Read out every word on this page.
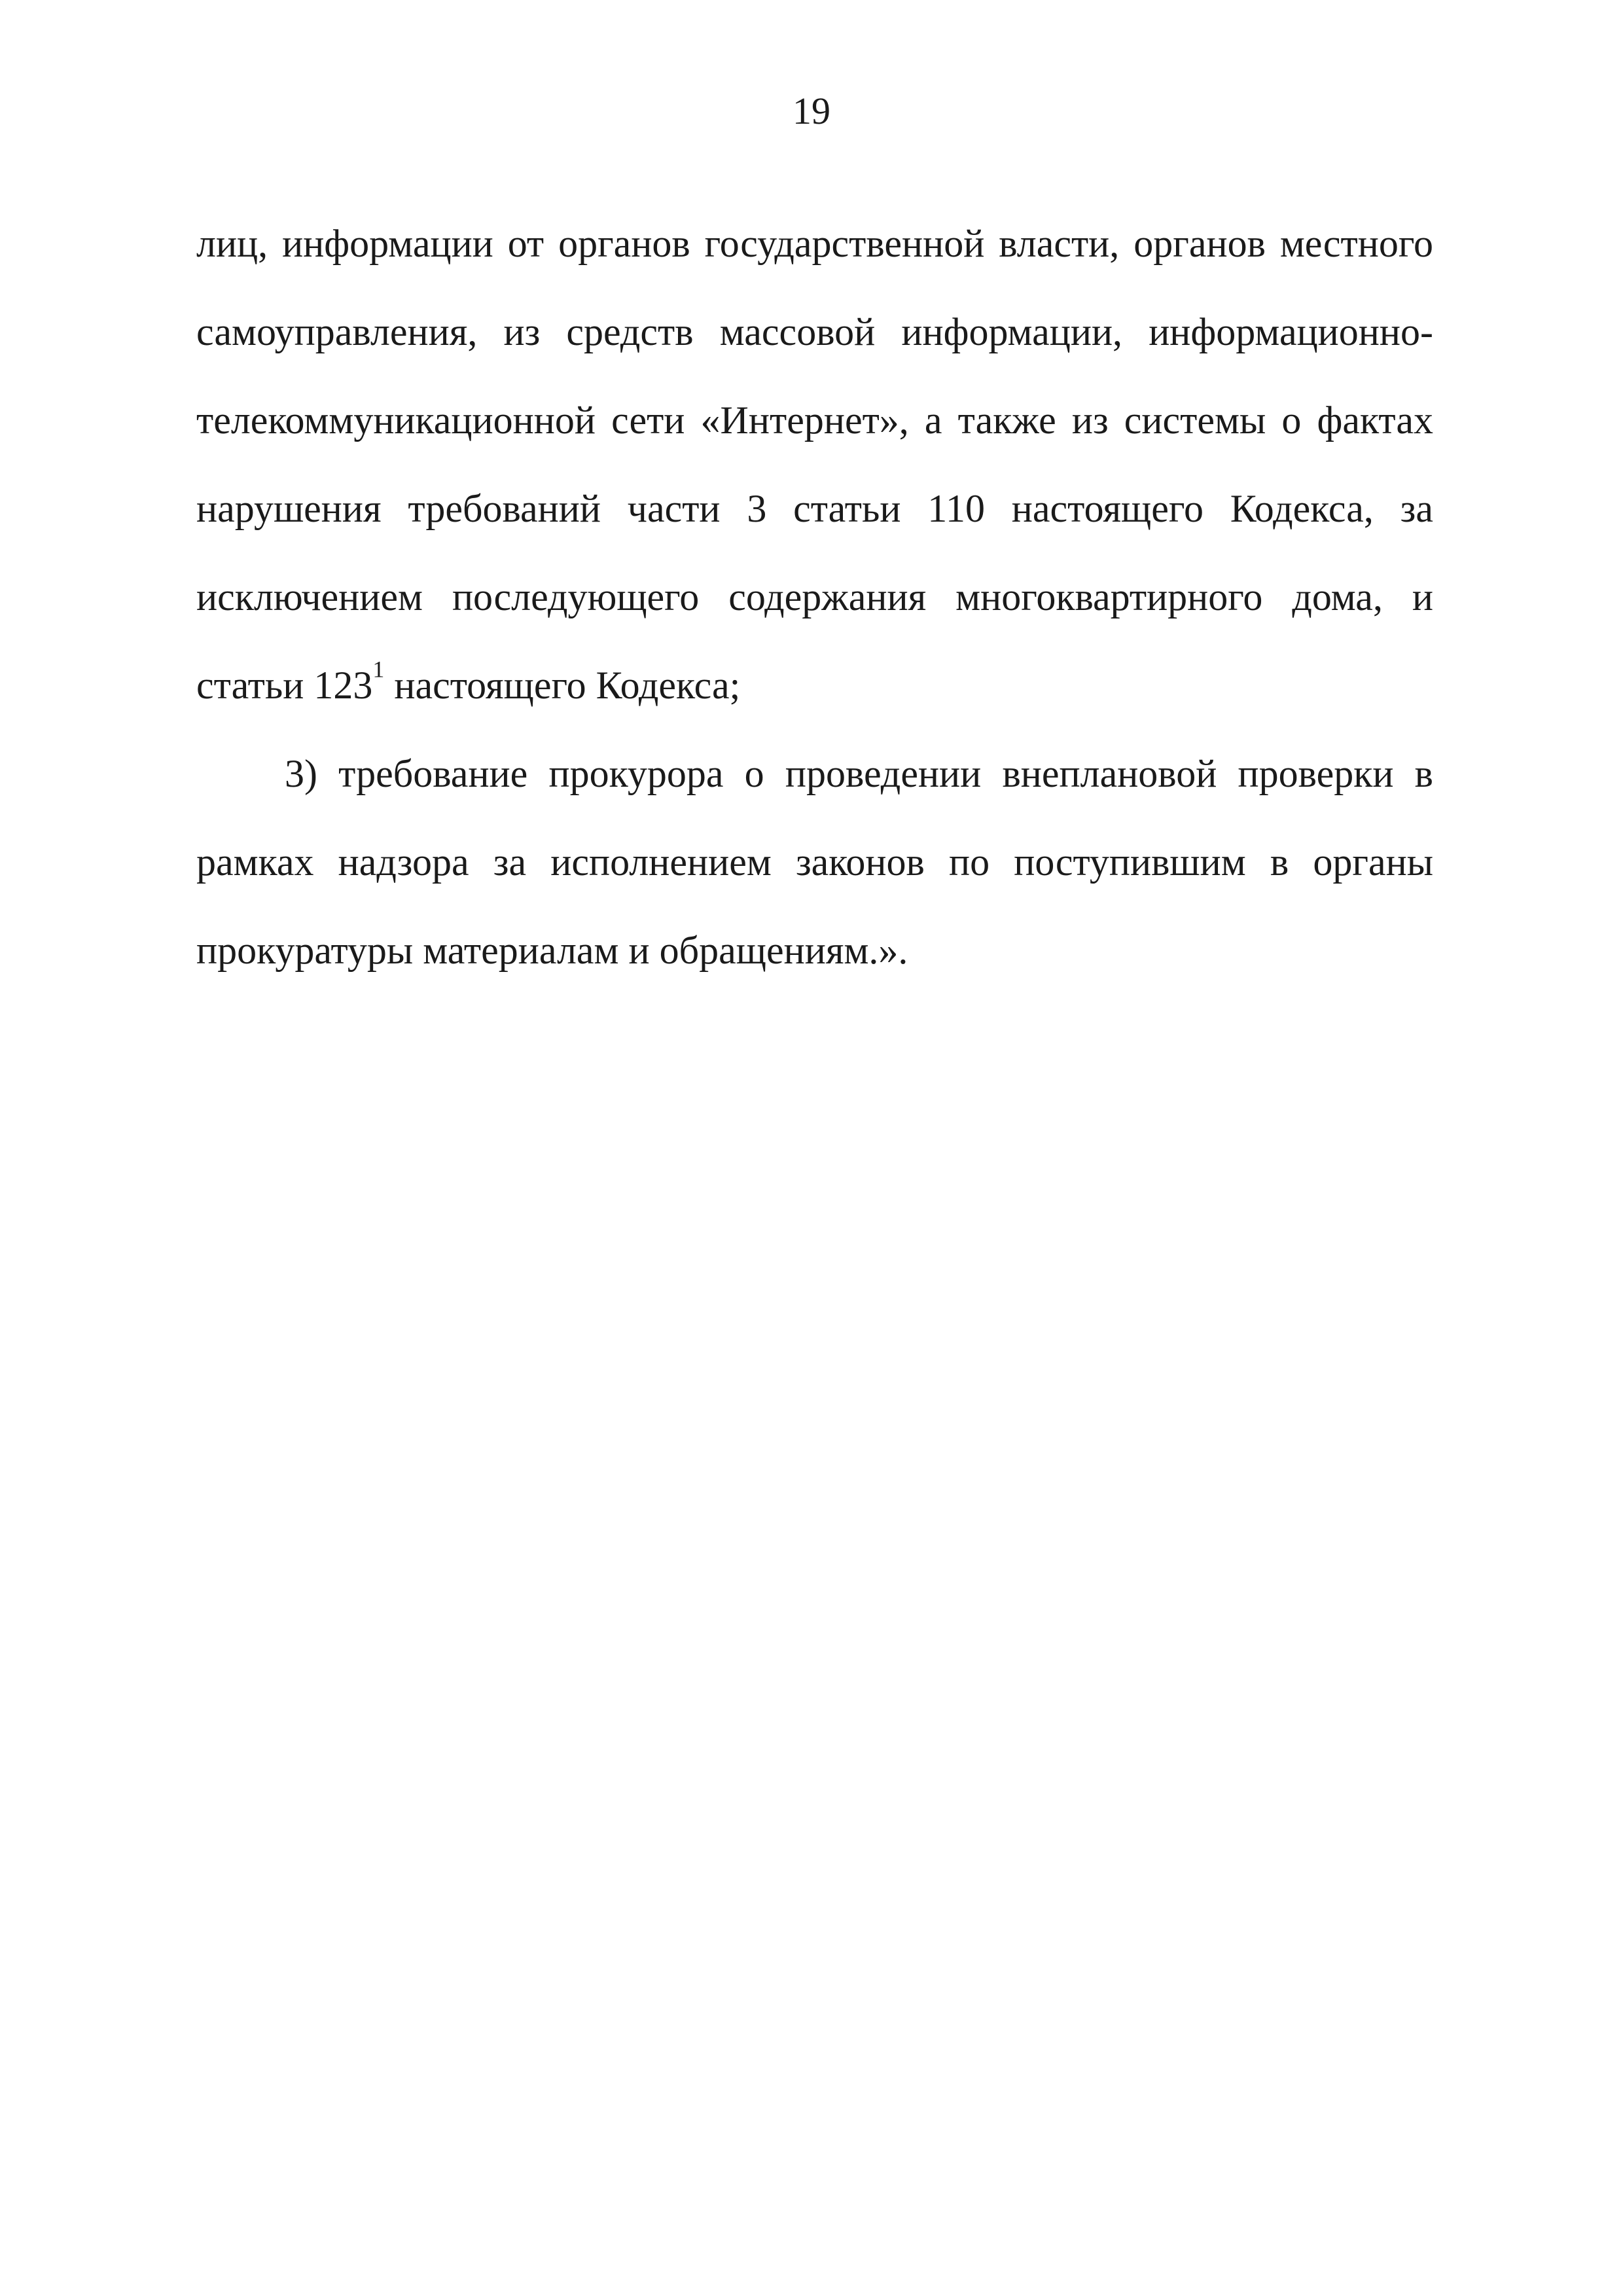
19

лиц, информации от органов государственной власти, органов местного самоуправления, из средств массовой информации, информационно-телекоммуникационной сети «Интернет», а также из системы о фактах нарушения требований части 3 статьи 110 настоящего Кодекса, за исключением последующего содержания многоквартирного дома, и статьи $123^1$ настоящего Кодекса;

3) требование прокурора о проведении внеплановой проверки в рамках надзора за исполнением законов по поступившим в органы прокуратуры материалам и обращениям.».
